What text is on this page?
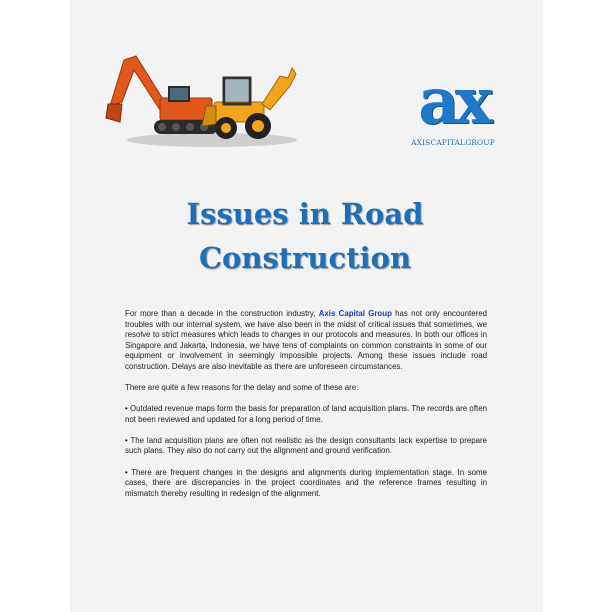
ax
AXISCAPITALGROUP
Issues in Road
Construction

For more than a decade in the construction industry, Axis Capital Group has not only encountered troubles with our internal system, we have also been in the midst of critical issues that sometimes, we resolve to strict measures which leads to changes in our protocols and measures. In both our offices in Singapore and Jakarta, Indonesia, we have tens of complaints on common constraints in some of our equipment or involvement in seemingly impossible projects. Among these issues include road construction. Delays are also inevitable as there are unforeseen circumstances.

There are quite a few reasons for the delay and some of these are:

• Outdated revenue maps form the basis for preparation of land acquisition plans. The records are often not been reviewed and updated for a long period of time.

• The land acquisition plans are often not realistic as the design consultants lack expertise to prepare such plans. They also do not carry out the alignment and ground verification.

• There are frequent changes in the designs and alignments during implementation stage. In some cases, there are discrepancies in the project coordinates and the reference frames resulting in mismatch thereby resulting in redesign of the alignment.
